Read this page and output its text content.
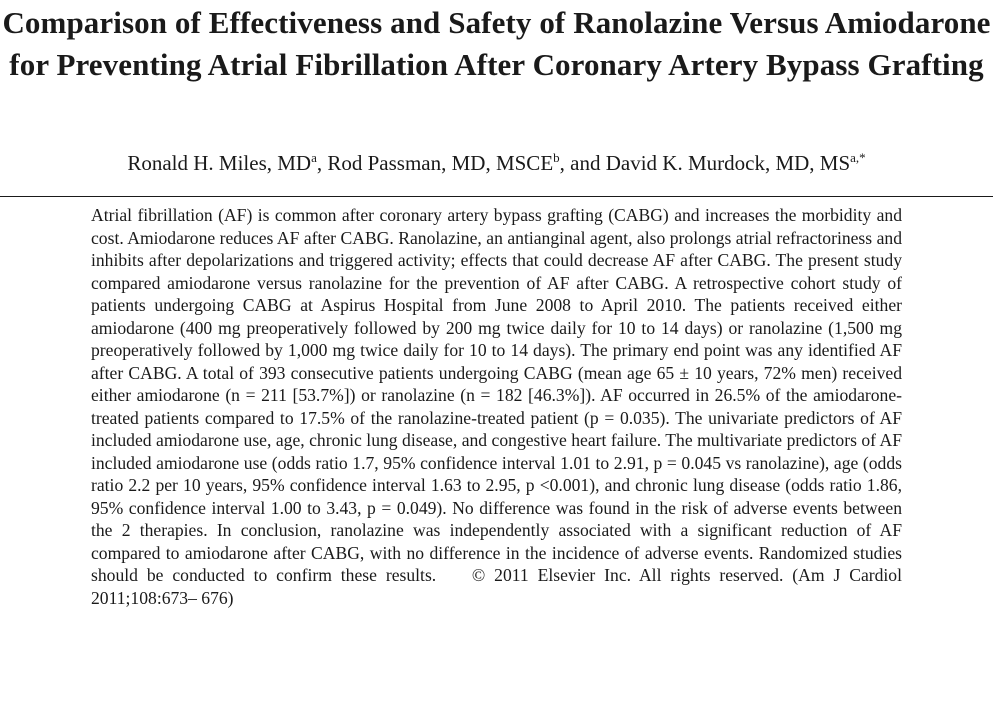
Comparison of Effectiveness and Safety of Ranolazine Versus Amiodarone for Preventing Atrial Fibrillation After Coronary Artery Bypass Grafting
Ronald H. Miles, $MD^a$, Rod Passman, MD, MSCE$^b$, and David K. Murdock, MD, $MS^{a,*}$

Atrial fibrillation (AF) is common after coronary artery bypass grafting (CABG) and increases the morbidity and cost. Amiodarone reduces AF after CABG. Ranolazine, an antianginal agent, also prolongs atrial refractoriness and inhibits after depolarizations and triggered activity; effects that could decrease AF after CABG. The present study compared amiodarone versus ranolazine for the prevention of AF after CABG. A retrospective cohort study of patients undergoing CABG at Aspirus Hospital from June 2008 to April 2010. The patients received either amiodarone (400 mg preoperatively followed by 200 mg twice daily for 10 to 14 days) or ranolazine (1,500 mg preoperatively followed by 1,000 mg twice daily for 10 to 14 days). The primary end point was any identified AF after CABG. A total of 393 consecutive patients undergoing CABG (mean age 65 ± 10 years, 72% men) received either amiodarone (n = 211 [53.7%]) or ranolazine (n = 182 [46.3%]). AF occurred in 26.5% of the amiodarone-treated patients compared to 17.5% of the ranolazine-treated patient (p = 0.035). The univariate predictors of AF included amiodarone use, age, chronic lung disease, and congestive heart failure. The multivariate predictors of AF included amiodarone use (odds ratio 1.7, 95% confidence interval 1.01 to 2.91, p = 0.045 vs ranolazine), age (odds ratio 2.2 per 10 years, 95% confidence interval 1.63 to 2.95, p <0.001), and chronic lung disease (odds ratio 1.86, 95% confidence interval 1.00 to 3.43, p = 0.049). No difference was found in the risk of adverse events between the 2 therapies. In conclusion, ranolazine was independently associated with a significant reduction of AF compared to amiodarone after CABG, with no difference in the incidence of adverse events. Randomized studies should be conducted to confirm these results. © 2011 Elsevier Inc. All rights reserved. (Am J Cardiol 2011;108:673– 676)
